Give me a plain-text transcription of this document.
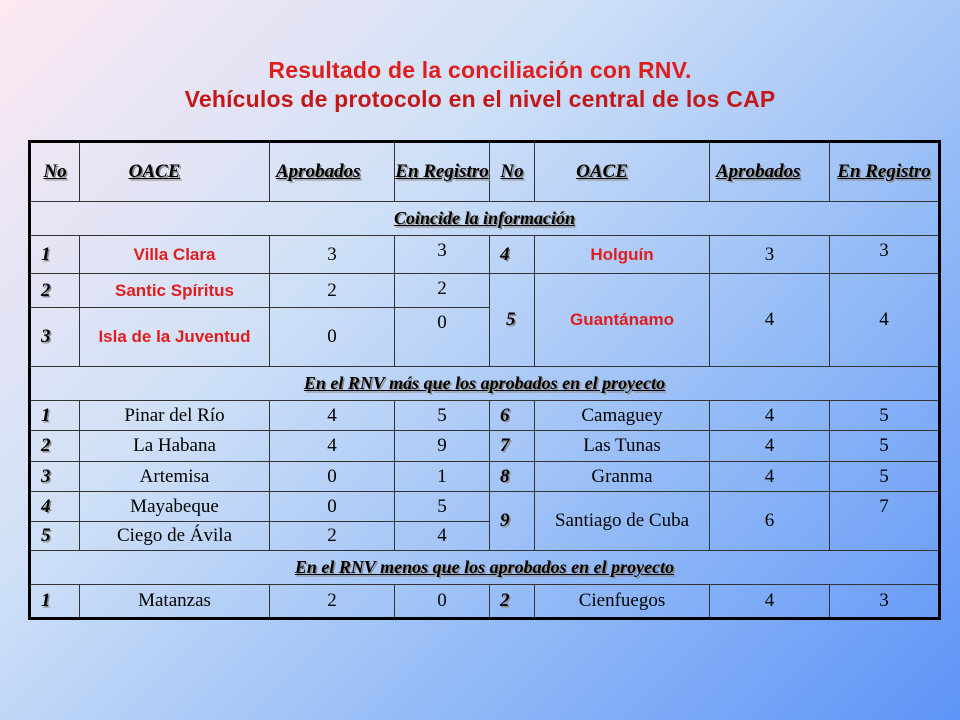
Resultado de la conciliación con RNV.
Vehículos de protocolo en el nivel central de los CAP
No	OACE	Aprobados	En Registro	No	OACE	Aprobados	En Registro
Coincide la información							
1	Villa Clara	3	3	4	Holguín	3	3
2	Santic Spíritus	2	2	5	Guantánamo	4	4
3	Isla de la Juventud	0	0				
En el RNV más que los aprobados en el proyecto							
1	Pinar del Río	4	5	6	Camaguey	4	5
2	La Habana	4	9	7	Las Tunas	4	5
3	Artemisa	0	1	8	Granma	4	5
4	Mayabeque	0	5	9	Santiago de Cuba	6	7
5	Ciego de Ávila	2	4				
En el RNV menos que los aprobados en el proyecto							
1	Matanzas	2	0	2	Cienfuegos	4	3
